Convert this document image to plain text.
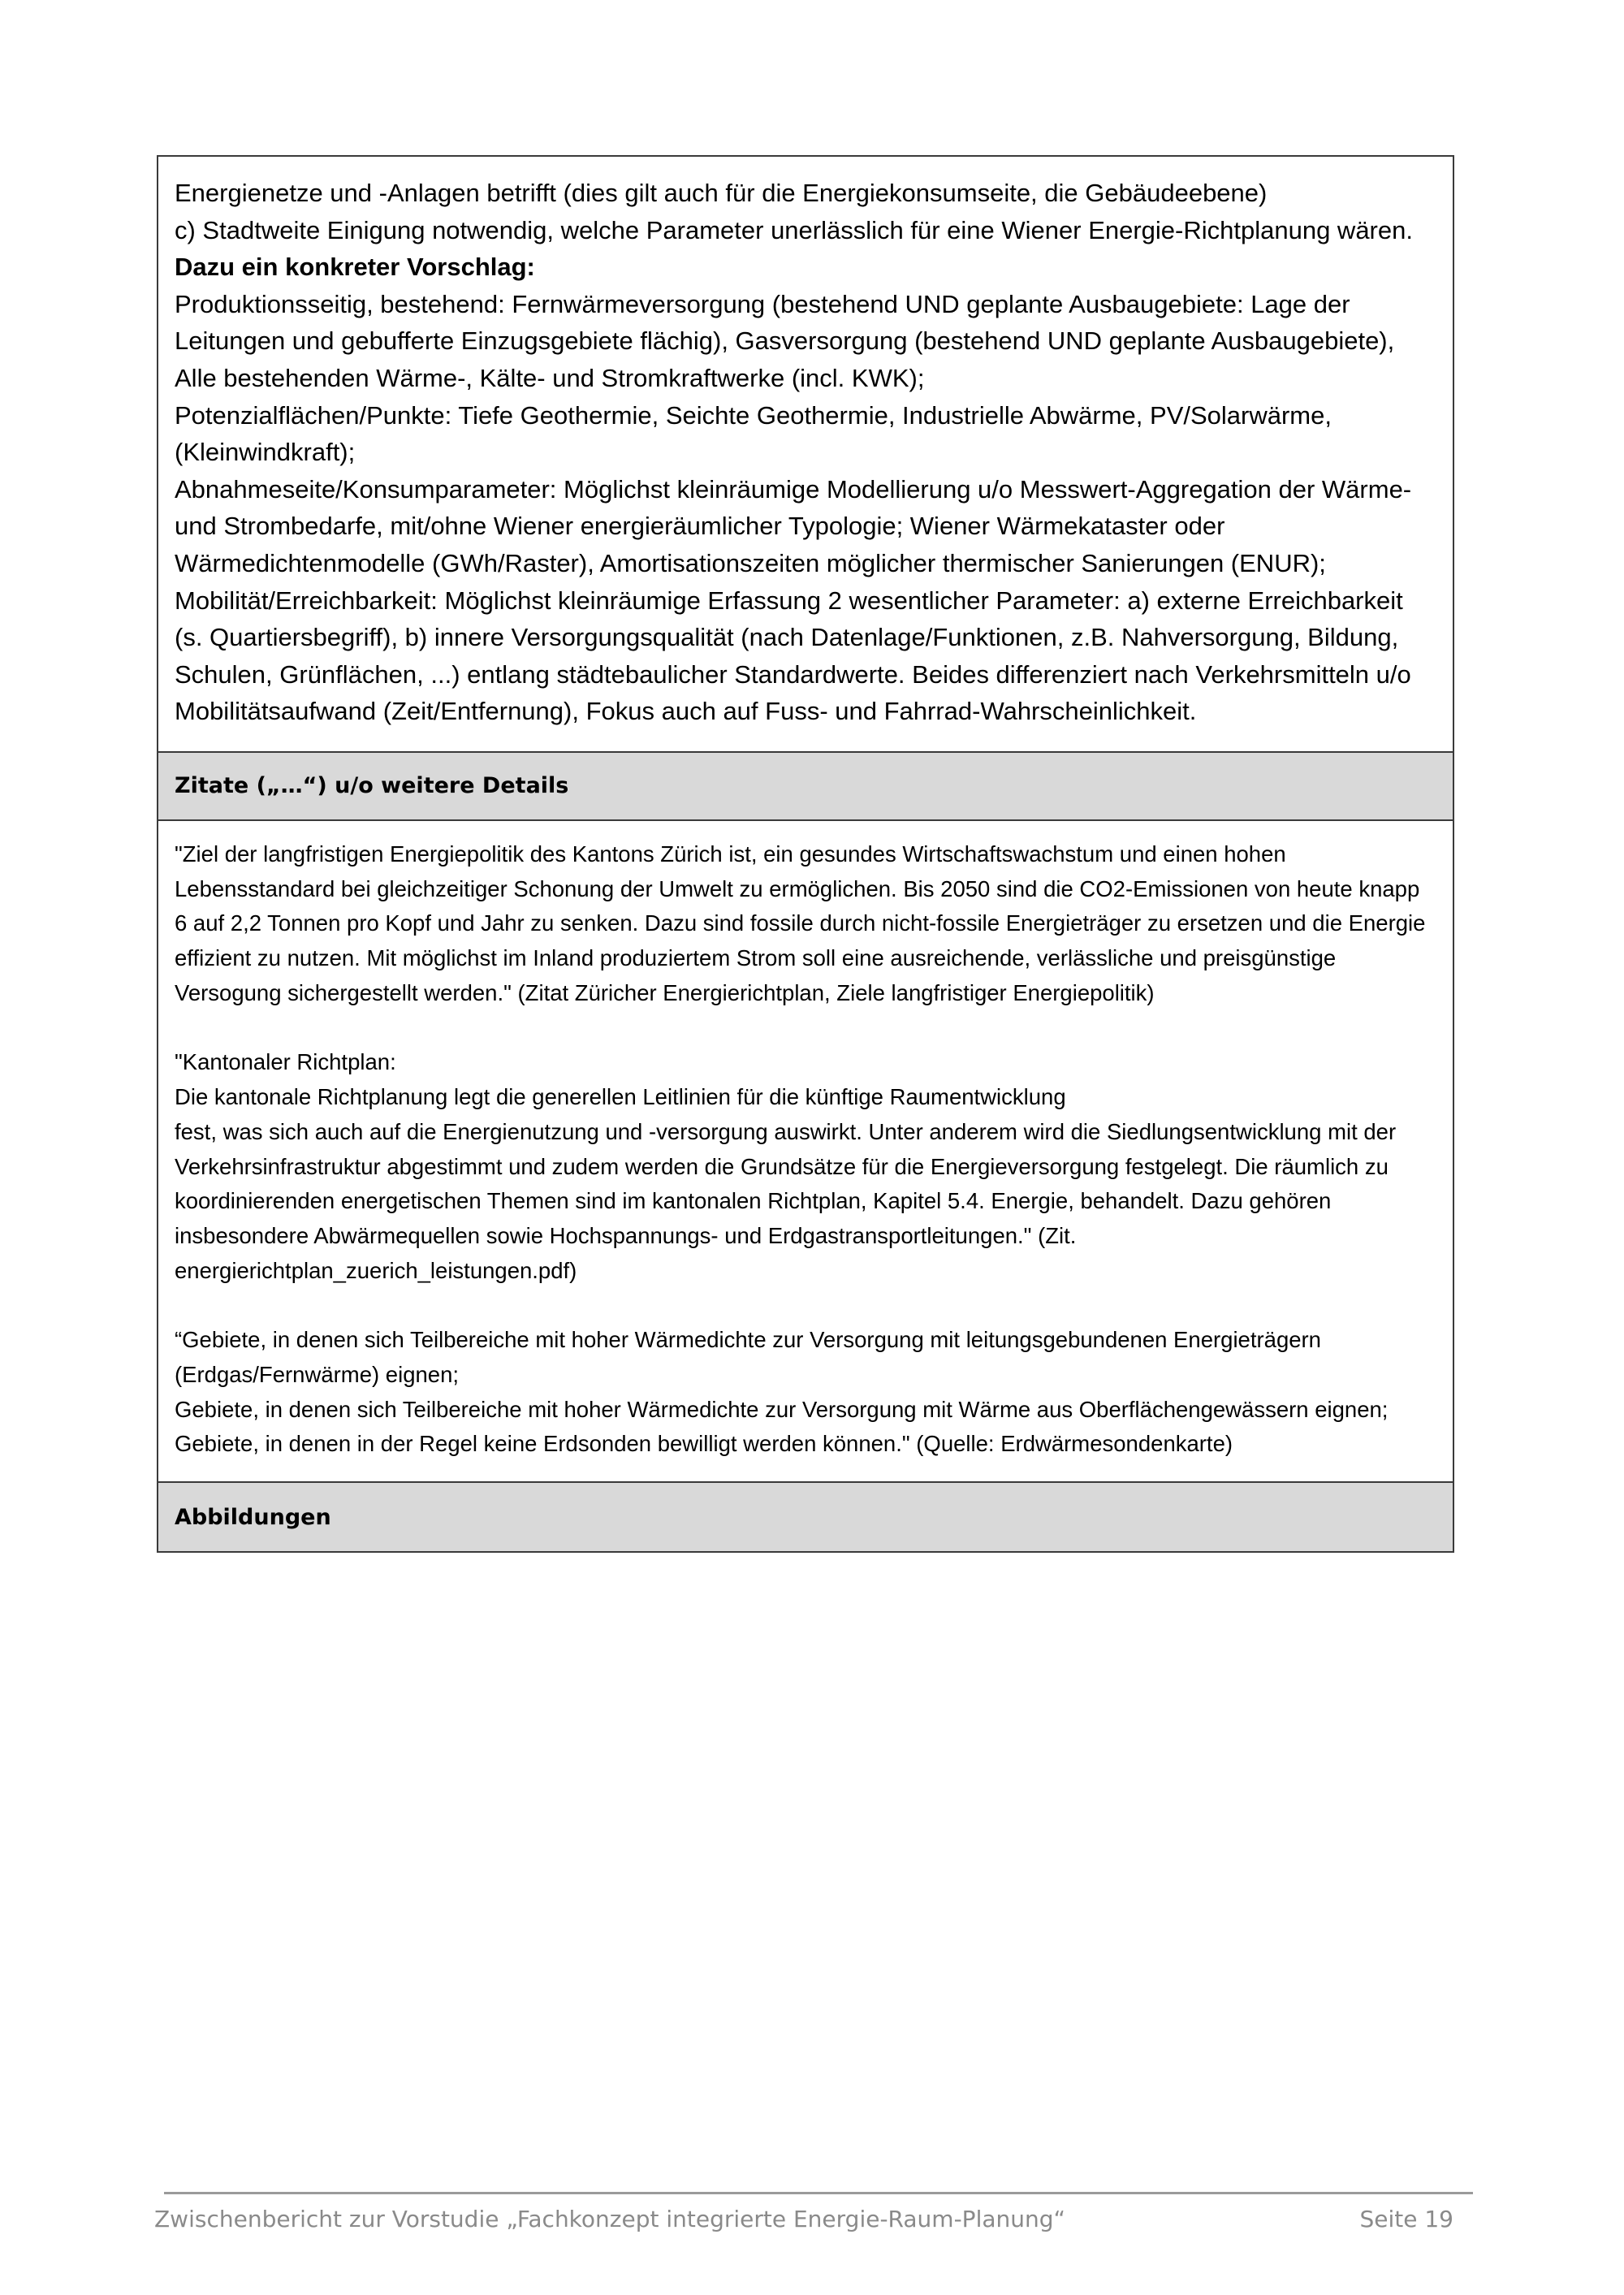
Energienetze und -Anlagen betrifft (dies gilt auch für die Energiekonsumseite, die Gebäudeebene)

c) Stadtweite Einigung notwendig, welche Parameter unerlässlich für eine Wiener Energie-Richtplanung wären.

Dazu ein konkreter Vorschlag:

Produktionsseitig, bestehend: Fernwärmeversorgung (bestehend UND geplante Ausbaugebiete: Lage der Leitungen und gebufferte Einzugsgebiete flächig), Gasversorgung (bestehend UND geplante Ausbaugebiete), Alle bestehenden Wärme-, Kälte- und Stromkraftwerke (incl. KWK);

Potenzialflächen/Punkte: Tiefe Geothermie, Seichte Geothermie, Industrielle Abwärme, PV/Solarwärme, (Kleinwindkraft);

Abnahmeseite/Konsumparameter: Möglichst kleinräumige Modellierung u/o Messwert-Aggregation der Wärme- und Strombedarfe, mit/ohne Wiener energieräumlicher Typologie; Wiener Wärmekataster oder Wärmedichtenmodelle (GWh/Raster), Amortisationszeiten möglicher thermischer Sanierungen (ENUR);

Mobilität/Erreichbarkeit: Möglichst kleinräumige Erfassung 2 wesentlicher Parameter: a) externe Erreichbarkeit (s. Quartiersbegriff), b) innere Versorgungsqualität (nach Datenlage/Funktionen, z.B. Nahversorgung, Bildung, Schulen, Grünflächen, ...) entlang städtebaulicher Standardwerte. Beides differenziert nach Verkehrsmitteln u/o Mobilitätsaufwand (Zeit/Entfernung), Fokus auch auf Fuss- und Fahrrad-Wahrscheinlichkeit.

Zitate („…“) u/o weitere Details

"Ziel der langfristigen Energiepolitik des Kantons Zürich ist, ein gesundes Wirtschaftswachstum und einen hohen Lebensstandard bei gleichzeitiger Schonung der Umwelt zu ermöglichen. Bis 2050 sind die CO2-Emissionen von heute knapp 6 auf 2,2 Tonnen pro Kopf und Jahr zu senken. Dazu sind fossile durch nicht-fossile Energieträger zu ersetzen und die Energie effizient zu nutzen. Mit möglichst im Inland produziertem Strom soll eine ausreichende, verlässliche und preisgünstige Versogung sichergestellt werden." (Zitat Züricher Energierichtplan, Ziele langfristiger Energiepolitik)

"Kantonaler Richtplan:

Die kantonale Richtplanung legt die generellen Leitlinien für die künftige Raumentwicklung

fest, was sich auch auf die Energienutzung und -versorgung auswirkt. Unter anderem wird die Siedlungsentwicklung mit der Verkehrsinfrastruktur abgestimmt und zudem werden die Grundsätze für die Energieversorgung festgelegt. Die räumlich zu koordinierenden energetischen Themen sind im kantonalen Richtplan, Kapitel 5.4. Energie, behandelt. Dazu gehören insbesondere Abwärmequellen sowie Hochspannungs- und Erdgastransportleitungen." (Zit. energierichtplan_zuerich_leistungen.pdf)

“Gebiete, in denen sich Teilbereiche mit hoher Wärmedichte zur Versorgung mit leitungsgebundenen Energieträgern (Erdgas/Fernwärme) eignen;

Gebiete, in denen sich Teilbereiche mit hoher Wärmedichte zur Versorgung mit Wärme aus Oberflächengewässern eignen;

Gebiete, in denen in der Regel keine Erdsonden bewilligt werden können." (Quelle: Erdwärmesondenkarte)

Abbildungen
Zwischenbericht zur Vorstudie „Fachkonzept integrierte Energie-Raum-Planung“	Seite 19
